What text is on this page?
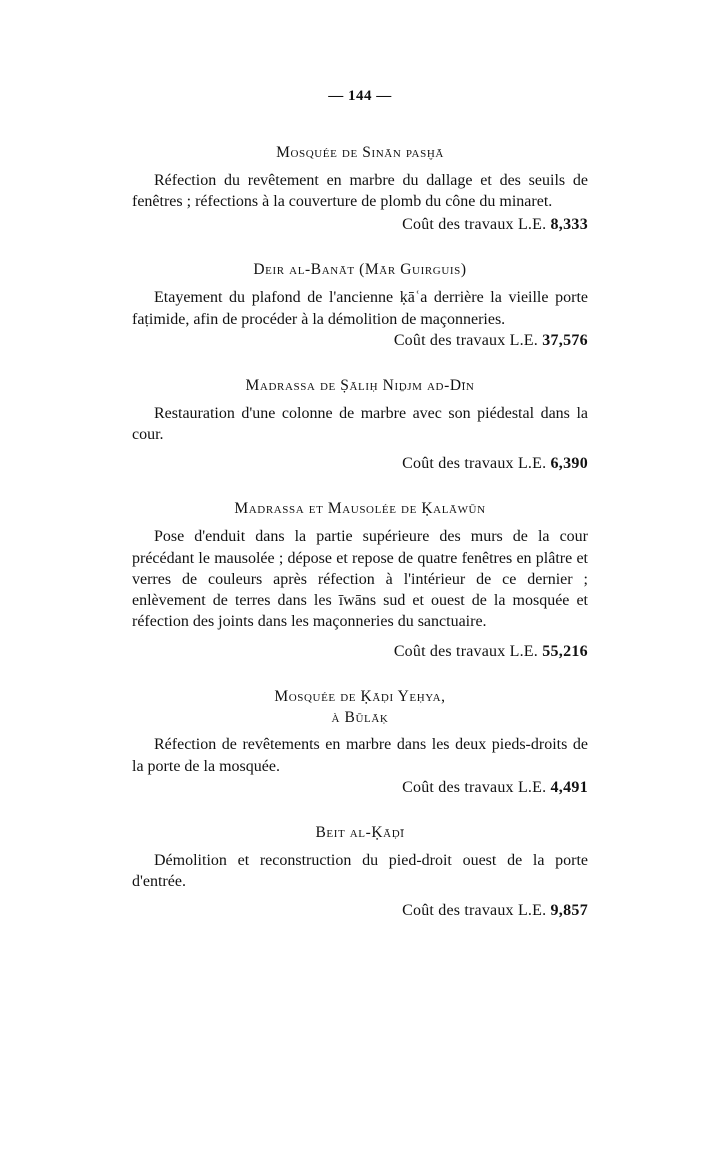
— 144 —
Mosquée de Sinān pasḫā

Réfection du revêtement en marbre du dallage et des seuils de fenêtres ; réfections à la couverture de plomb du cône du minaret.

Coût des travaux L.E. 8,333
Deir al-Banāt (Mār Guirguis)

Etayement du plafond de l'ancienne ḳāʿa derrière la vieille porte faṭimide, afin de procéder à la démolition de maçonneries.

Coût des travaux L.E. 37,576
Madrassa de Ṣāliḥ Niḏjm ad-Dīn

Restauration d'une colonne de marbre avec son piédestal dans la cour.

Coût des travaux L.E. 6,390
Madrassa et Mausolée de Ḳalāwūn

Pose d'enduit dans la partie supérieure des murs de la cour précédant le mausolée ; dépose et repose de quatre fenêtres en plâtre et verres de couleurs après réfection à l'intérieur de ce dernier ; enlèvement de terres dans les īwāns sud et ouest de la mosquée et réfection des joints dans les maçonneries du sanctuaire.

Coût des travaux L.E. 55,216
Mosquée de Ḳāḍi Yeḥya,
à Būlāḳ

Réfection de revêtements en marbre dans les deux pieds-droits de la porte de la mosquée.

Coût des travaux L.E. 4,491
Beit al-Ḳāḍī

Démolition et reconstruction du pied-droit ouest de la porte d'entrée.

Coût des travaux L.E. 9,857
